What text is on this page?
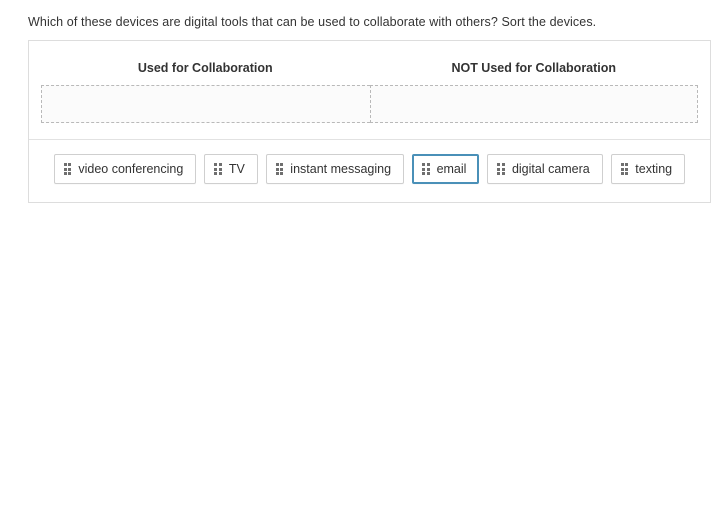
Which of these devices are digital tools that can be used to collaborate with others? Sort the devices.
Used for Collaboration	NOT Used for Collaboration
video conferencing	TV	instant messaging	email	digital camera	texting
